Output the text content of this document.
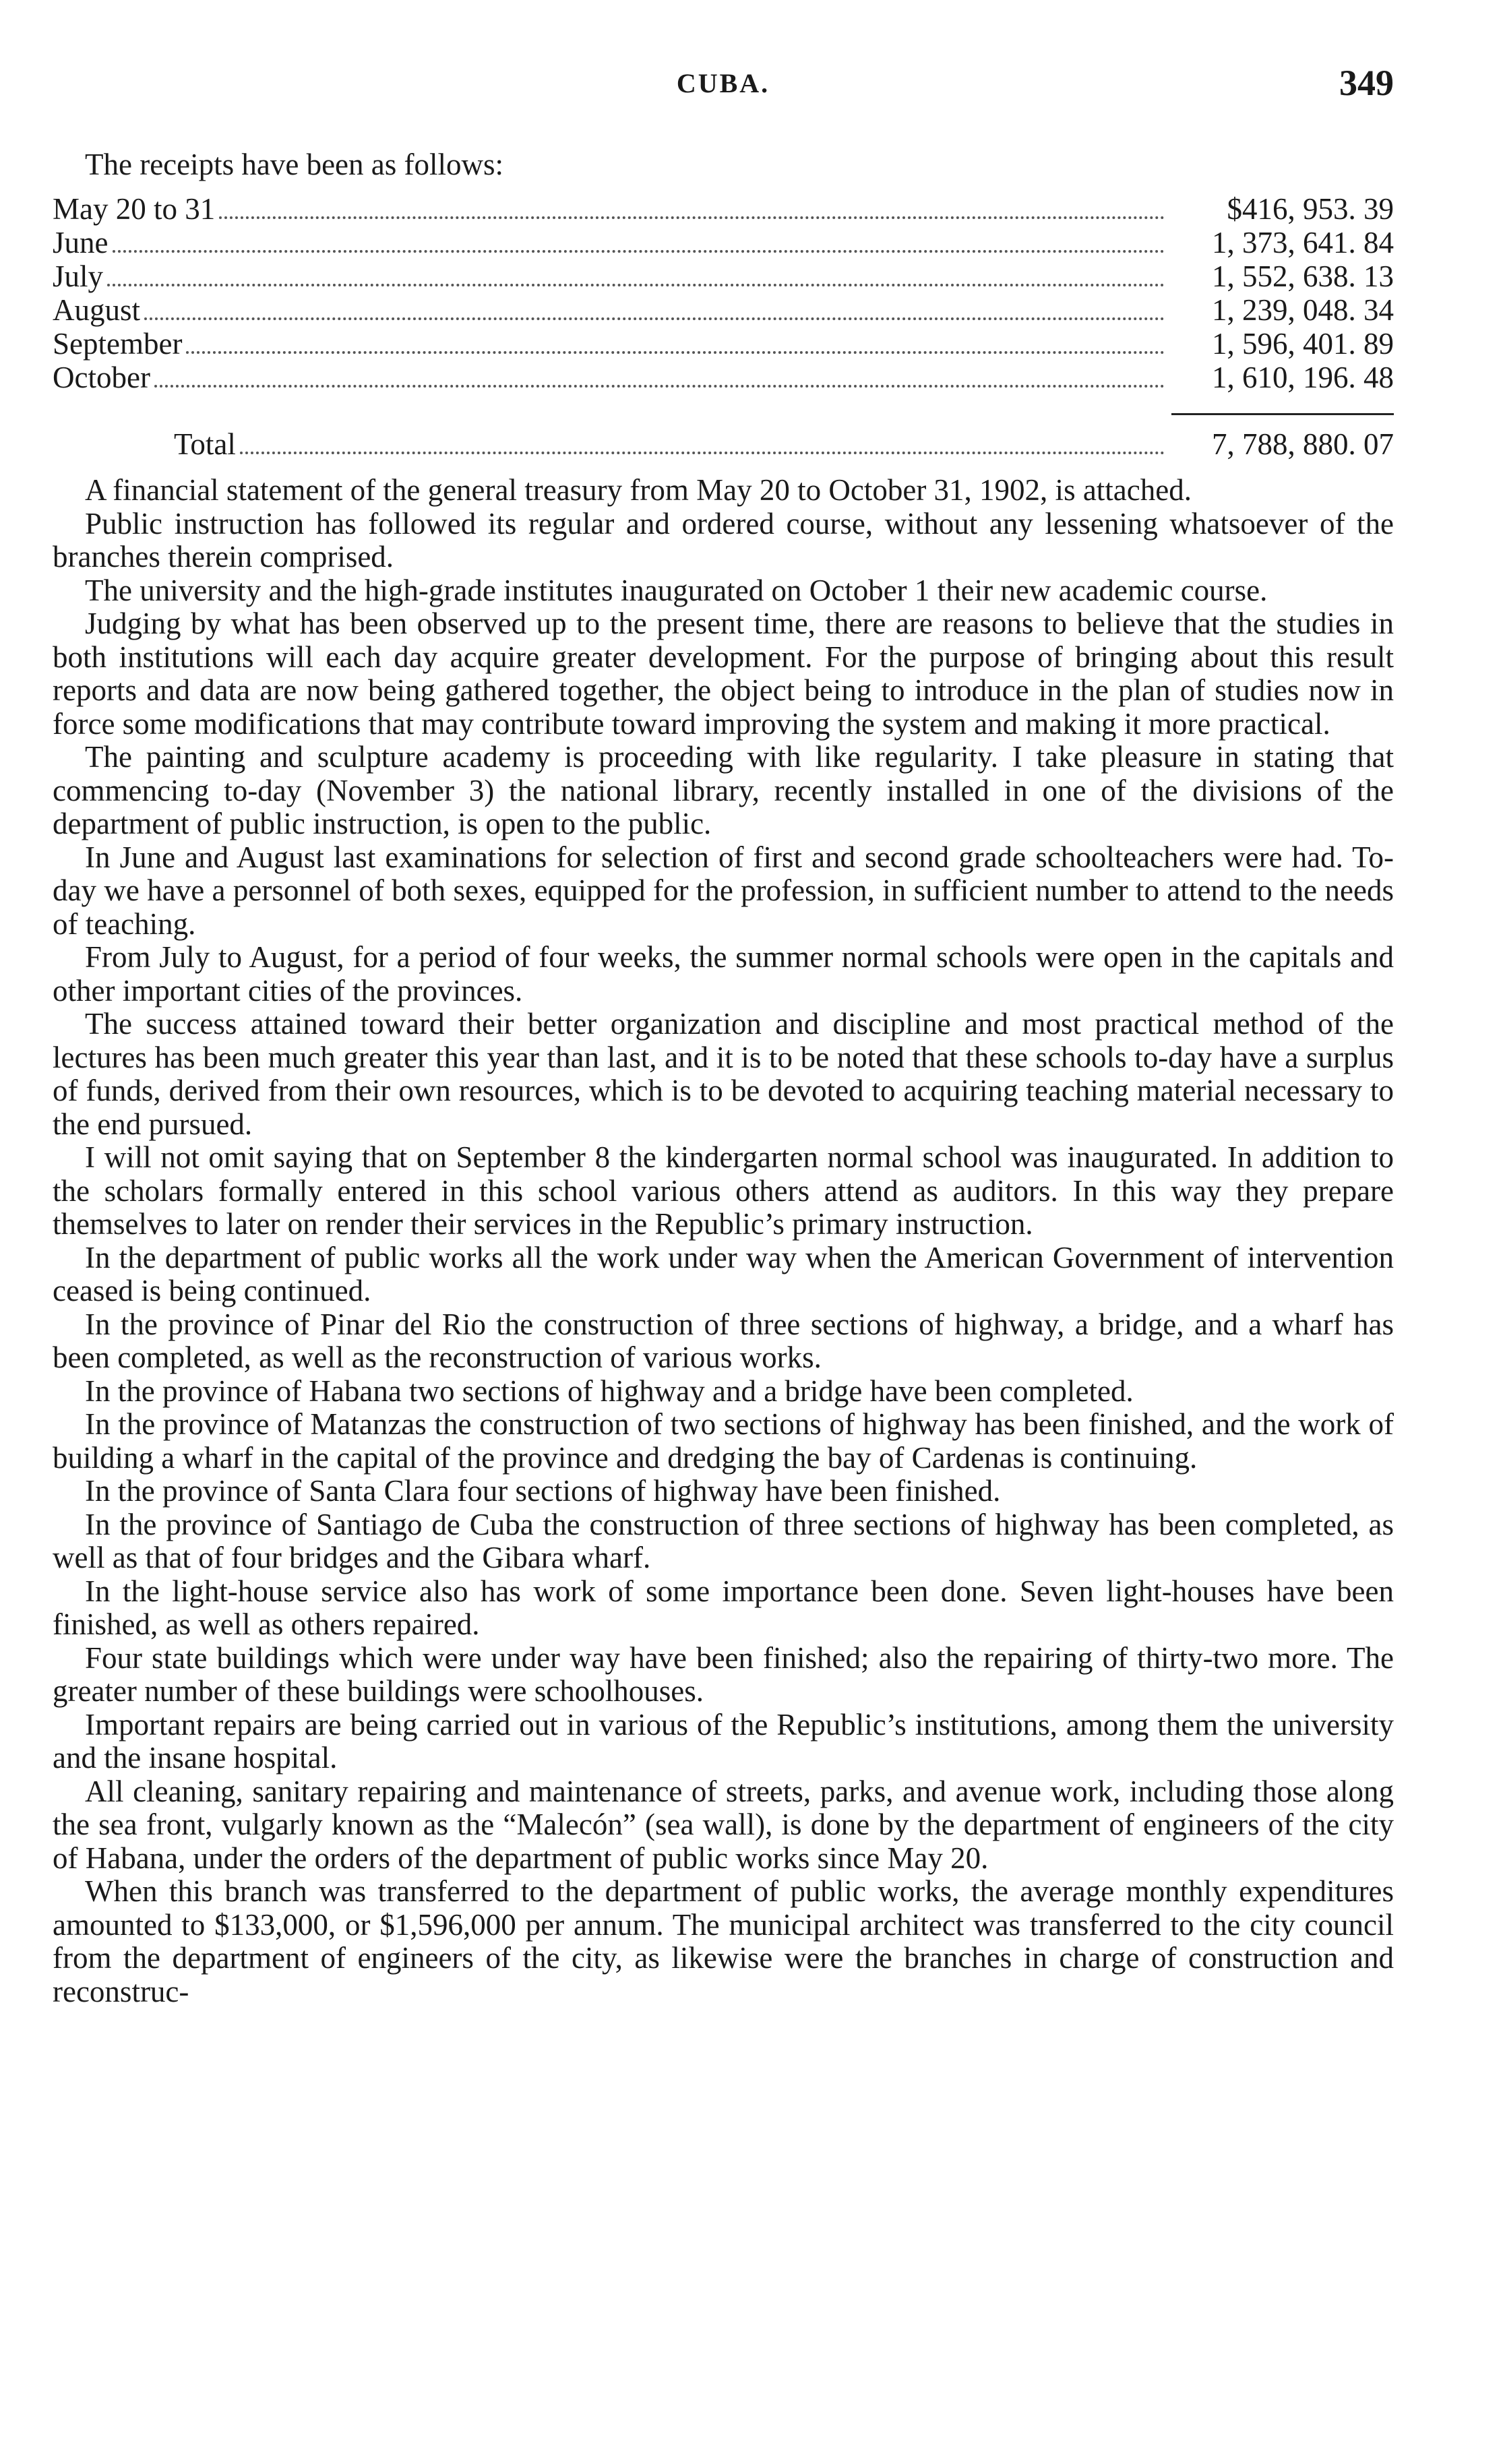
CUBA.	349
The receipts have been as follows:
May 20 to 31	$416, 953. 39
June	1, 373, 641. 84
July	1, 552, 638. 13
August	1, 239, 048. 34
September	1, 596, 401. 89
October	1, 610, 196. 48
Total	7, 788, 880. 07

A financial statement of the general treasury from May 20 to October 31, 1902, is attached.

Public instruction has followed its regular and ordered course, without any lessening whatsoever of the branches therein comprised.

The university and the high-grade institutes inaugurated on October 1 their new academic course.

Judging by what has been observed up to the present time, there are reasons to believe that the studies in both institutions will each day acquire greater development. For the purpose of bringing about this result reports and data are now being gathered together, the object being to introduce in the plan of studies now in force some modifications that may contribute toward improving the system and making it more practical.

The painting and sculpture academy is proceeding with like regularity. I take pleasure in stating that commencing to-day (November 3) the national library, recently installed in one of the divisions of the department of public instruction, is open to the public.

In June and August last examinations for selection of first and second grade schoolteachers were had. To-day we have a personnel of both sexes, equipped for the profession, in sufficient number to attend to the needs of teaching.

From July to August, for a period of four weeks, the summer normal schools were open in the capitals and other important cities of the provinces.

The success attained toward their better organization and discipline and most practical method of the lectures has been much greater this year than last, and it is to be noted that these schools to-day have a surplus of funds, derived from their own resources, which is to be devoted to acquiring teaching material necessary to the end pursued.

I will not omit saying that on September 8 the kindergarten normal school was inaugurated. In addition to the scholars formally entered in this school various others attend as auditors. In this way they prepare themselves to later on render their services in the Republic’s primary instruction.

In the department of public works all the work under way when the American Government of intervention ceased is being continued.

In the province of Pinar del Rio the construction of three sections of highway, a bridge, and a wharf has been completed, as well as the reconstruction of various works.

In the province of Habana two sections of highway and a bridge have been completed.

In the province of Matanzas the construction of two sections of highway has been finished, and the work of building a wharf in the capital of the province and dredging the bay of Cardenas is continuing.

In the province of Santa Clara four sections of highway have been finished.

In the province of Santiago de Cuba the construction of three sections of highway has been completed, as well as that of four bridges and the Gibara wharf.

In the light-house service also has work of some importance been done. Seven light-houses have been finished, as well as others repaired.

Four state buildings which were under way have been finished; also the repairing of thirty-two more. The greater number of these buildings were schoolhouses.

Important repairs are being carried out in various of the Republic’s institutions, among them the university and the insane hospital.

All cleaning, sanitary repairing and maintenance of streets, parks, and avenue work, including those along the sea front, vulgarly known as the “Malecón” (sea wall), is done by the department of engineers of the city of Habana, under the orders of the department of public works since May 20.

When this branch was transferred to the department of public works, the average monthly expenditures amounted to $133,000, or $1,596,000 per annum. The municipal architect was transferred to the city council from the department of engineers of the city, as likewise were the branches in charge of construction and reconstruc-
